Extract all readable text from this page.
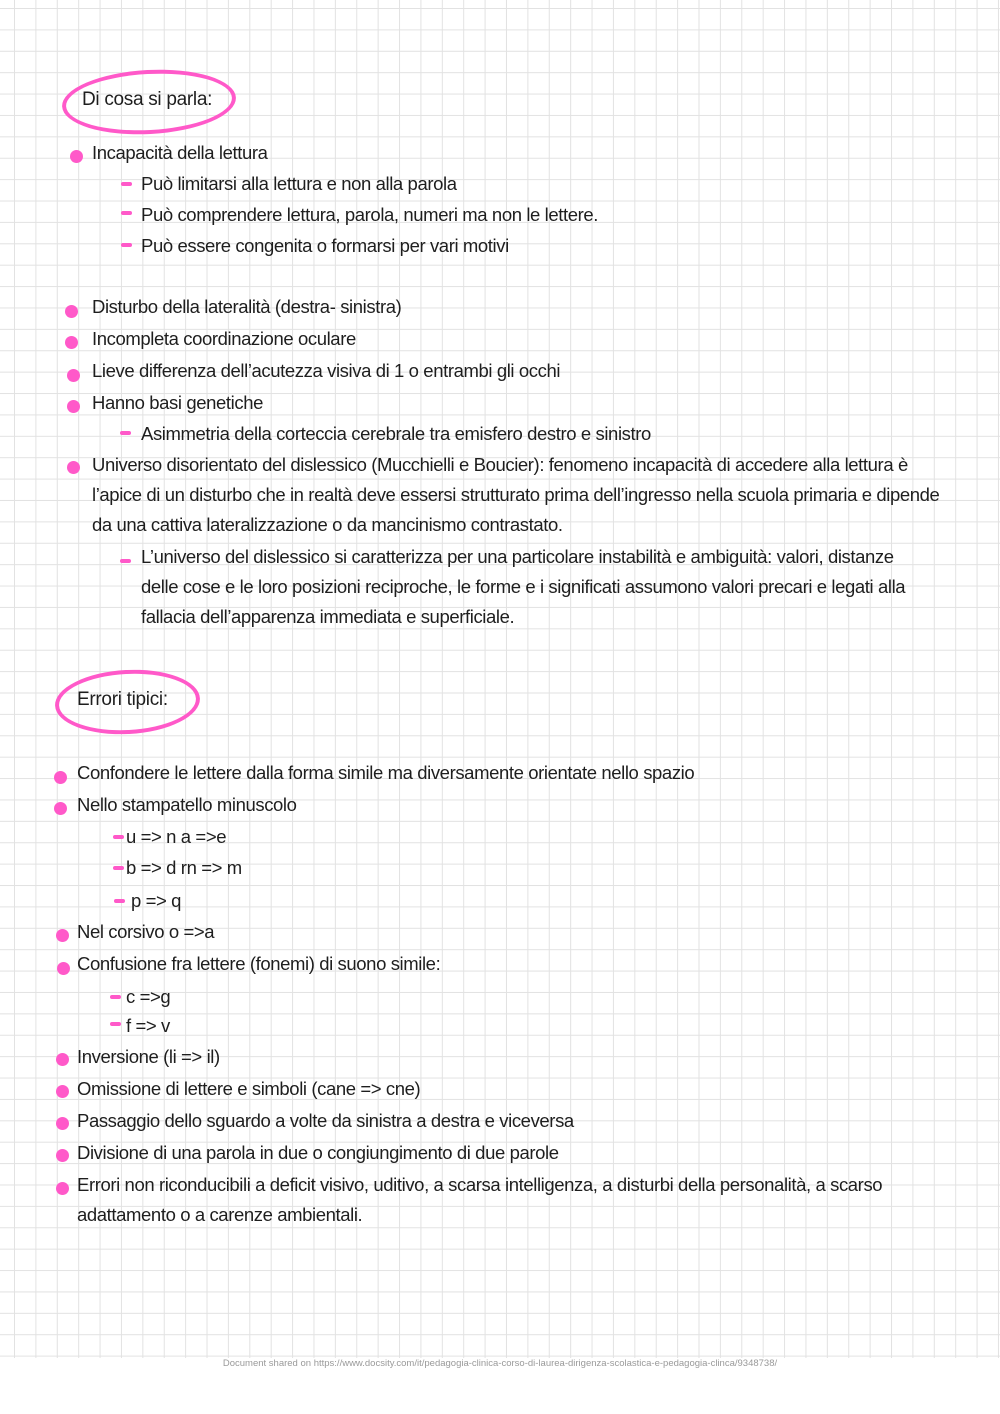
Di cosa si parla:
Incapacità della lettura
Può limitarsi alla lettura e non alla parola
Può comprendere lettura, parola, numeri ma non le lettere.
Può essere congenita o formarsi per vari motivi
Disturbo della lateralità (destra- sinistra)
Incompleta coordinazione oculare
Lieve differenza dell’acutezza visiva di 1 o entrambi gli occhi
Hanno basi genetiche
Asimmetria della corteccia cerebrale tra emisfero destro e sinistro
Universo disorientato del dislessico (Mucchielli e Boucier): fenomeno incapacità di accedere alla lettura è l’apice di un disturbo che in realtà deve essersi strutturato prima dell’ingresso nella scuola primaria e dipende da una cattiva lateralizzazione o da mancinismo contrastato.
L’universo del dislessico si caratterizza per una particolare instabilità e ambiguità: valori, distanze delle cose e le loro posizioni reciproche, le forme e i significati assumono valori precari e legati alla fallacia dell’apparenza immediata e superficiale.
Errori tipici:
Confondere le lettere dalla forma simile ma diversamente orientate nello spazio
Nello stampatello minuscolo
u => n a =>e
b => d rn => m
p => q
Nel corsivo o =>a
Confusione fra lettere (fonemi) di suono simile:
c =>g
f => v
Inversione (li => il)
Omissione di lettere e simboli (cane => cne)
Passaggio dello sguardo a volte da sinistra a destra e viceversa
Divisione di una parola in due o congiungimento di due parole
Errori non riconducibili a deficit visivo, uditivo, a scarsa intelligenza, a disturbi della personalità, a scarso adattamento o a carenze ambientali.
Document shared on https://www.docsity.com/it/pedagogia-clinica-corso-di-laurea-dirigenza-scolastica-e-pedagogia-clinca/9348738/
